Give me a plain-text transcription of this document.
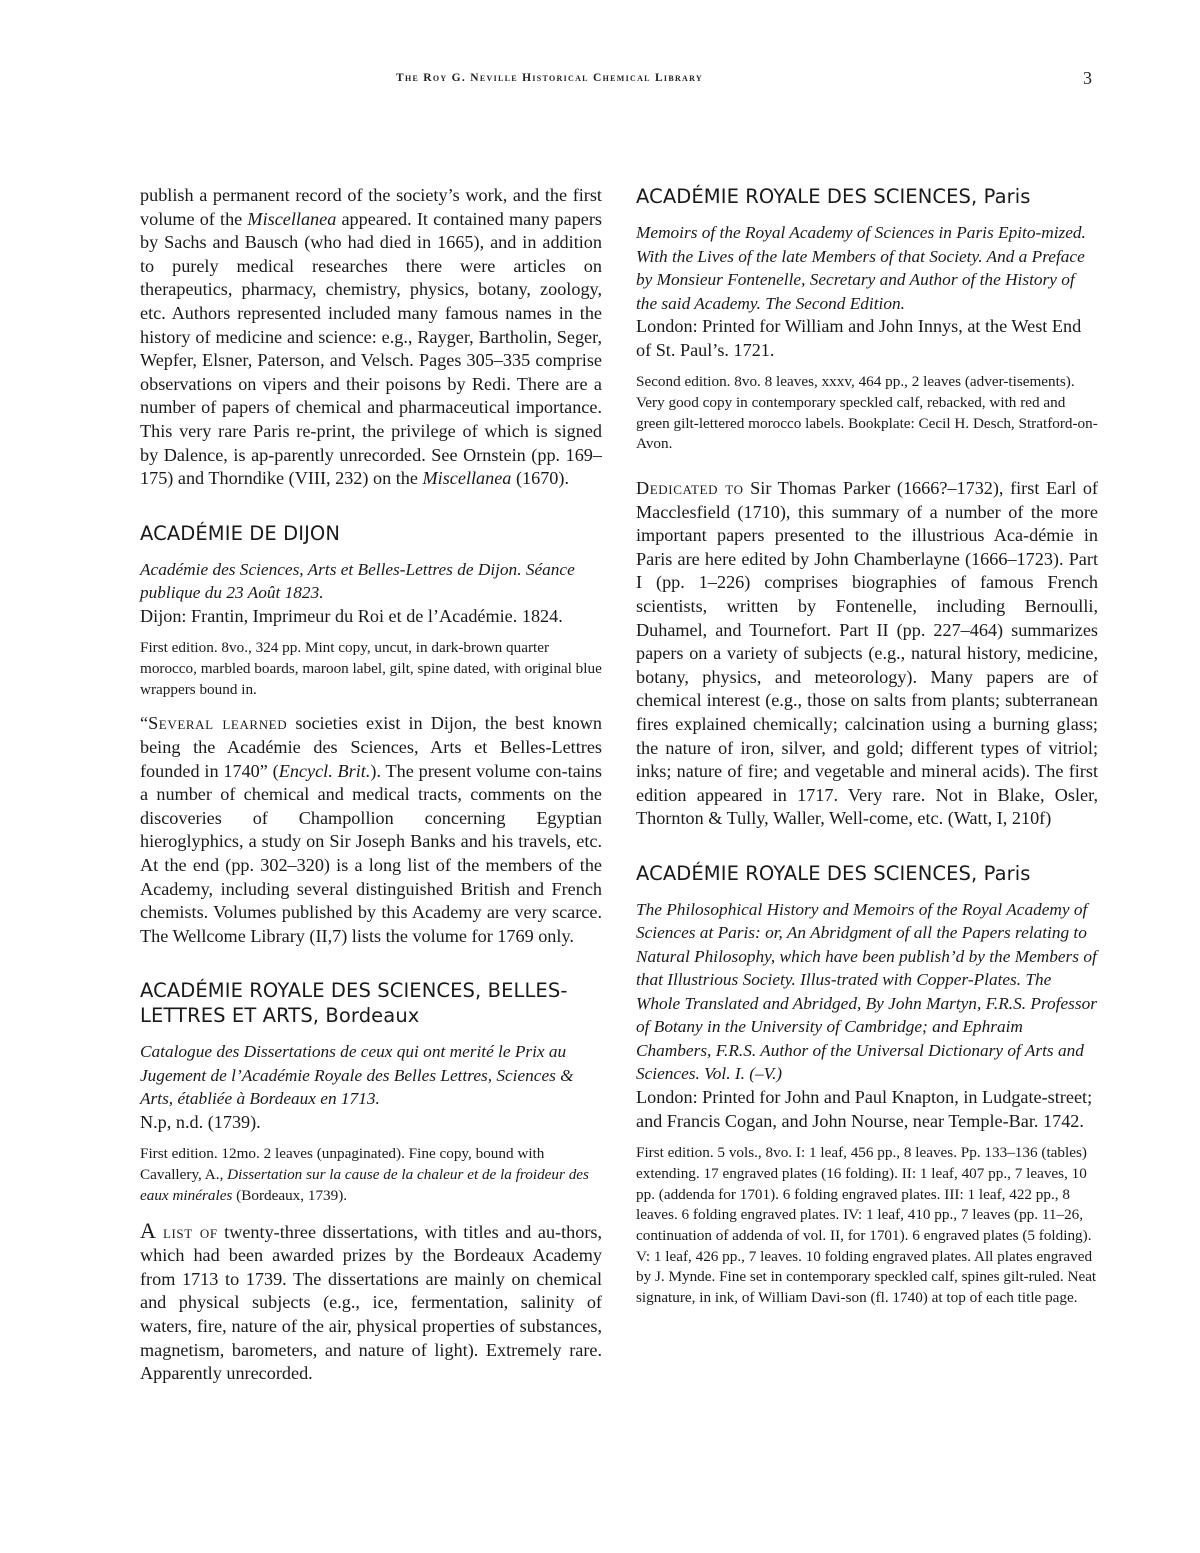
The Roy G. Neville Historical Chemical Library	3

publish a permanent record of the society’s work, and the first volume of the Miscellanea appeared. It contained many papers by Sachs and Bausch (who had died in 1665), and in addition to purely medical researches there were articles on therapeutics, pharmacy, chemistry, physics, botany, zoology, etc. Authors represented included many famous names in the history of medicine and science: e.g., Rayger, Bartholin, Seger, Wepfer, Elsner, Paterson, and Velsch. Pages 305–335 comprise observations on vipers and their poisons by Redi. There are a number of papers of chemical and pharmaceutical importance. This very rare Paris re-print, the privilege of which is signed by Dalence, is ap-parently unrecorded. See Ornstein (pp. 169–175) and Thorndike (VIII, 232) on the Miscellanea (1670).

ACADÉMIE DE DIJON

Académie des Sciences, Arts et Belles-Lettres de Dijon. Séance publique du 23 Août 1823.

Dijon: Frantin, Imprimeur du Roi et de l’Académie. 1824.

First edition. 8vo., 324 pp. Mint copy, uncut, in dark-brown quarter morocco, marbled boards, maroon label, gilt, spine dated, with original blue wrappers bound in.

“Several learned societies exist in Dijon, the best known being the Académie des Sciences, Arts et Belles-Lettres founded in 1740” (Encycl. Brit.). The present volume con-tains a number of chemical and medical tracts, comments on the discoveries of Champollion concerning Egyptian hieroglyphics, a study on Sir Joseph Banks and his travels, etc. At the end (pp. 302–320) is a long list of the members of the Academy, including several distinguished British and French chemists. Volumes published by this Academy are very scarce. The Wellcome Library (II,7) lists the volume for 1769 only.

ACADÉMIE ROYALE DES SCIENCES, BELLES-LETTRES ET ARTS, Bordeaux

Catalogue des Dissertations de ceux qui ont merité le Prix au Jugement de l’Académie Royale des Belles Lettres, Sciences & Arts, établiée à Bordeaux en 1713.

N.p, n.d. (1739).

First edition. 12mo. 2 leaves (unpaginated). Fine copy, bound with Cavallery, A., Dissertation sur la cause de la chaleur et de la froideur des eaux minérales (Bordeaux, 1739).

A list of twenty-three dissertations, with titles and au-thors, which had been awarded prizes by the Bordeaux Academy from 1713 to 1739. The dissertations are mainly on chemical and physical subjects (e.g., ice, fermentation, salinity of waters, fire, nature of the air, physical properties of substances, magnetism, barometers, and nature of light). Extremely rare. Apparently unrecorded.

ACADÉMIE ROYALE DES SCIENCES, Paris

Memoirs of the Royal Academy of Sciences in Paris Epito-mized. With the Lives of the late Members of that Society. And a Preface by Monsieur Fontenelle, Secretary and Author of the History of the said Academy. The Second Edition.

London: Printed for William and John Innys, at the West End of St. Paul’s. 1721.

Second edition. 8vo. 8 leaves, xxxv, 464 pp., 2 leaves (adver-tisements). Very good copy in contemporary speckled calf, rebacked, with red and green gilt-lettered morocco labels. Bookplate: Cecil H. Desch, Stratford-on-Avon.

Dedicated to Sir Thomas Parker (1666?–1732), first Earl of Macclesfield (1710), this summary of a number of the more important papers presented to the illustrious Aca-démie in Paris are here edited by John Chamberlayne (1666–1723). Part I (pp. 1–226) comprises biographies of famous French scientists, written by Fontenelle, including Bernoulli, Duhamel, and Tournefort. Part II (pp. 227–464) summarizes papers on a variety of subjects (e.g., natural history, medicine, botany, physics, and meteorology). Many papers are of chemical interest (e.g., those on salts from plants; subterranean fires explained chemically; calcination using a burning glass; the nature of iron, silver, and gold; different types of vitriol; inks; nature of fire; and vegetable and mineral acids). The first edition appeared in 1717. Very rare. Not in Blake, Osler, Thornton & Tully, Waller, Well-come, etc. (Watt, I, 210f)

ACADÉMIE ROYALE DES SCIENCES, Paris

The Philosophical History and Memoirs of the Royal Academy of Sciences at Paris: or, An Abridgment of all the Papers relating to Natural Philosophy, which have been publish’d by the Members of that Illustrious Society. Illus-trated with Copper-Plates. The Whole Translated and Abridged, By John Martyn, F.R.S. Professor of Botany in the University of Cambridge; and Ephraim Chambers, F.R.S. Author of the Universal Dictionary of Arts and Sciences. Vol. I. (–V.)

London: Printed for John and Paul Knapton, in Ludgate-street; and Francis Cogan, and John Nourse, near Temple-Bar. 1742.

First edition. 5 vols., 8vo. I: 1 leaf, 456 pp., 8 leaves. Pp. 133–136 (tables) extending. 17 engraved plates (16 folding). II: 1 leaf, 407 pp., 7 leaves, 10 pp. (addenda for 1701). 6 folding engraved plates. III: 1 leaf, 422 pp., 8 leaves. 6 folding engraved plates. IV: 1 leaf, 410 pp., 7 leaves (pp. 11–26, continuation of addenda of vol. II, for 1701). 6 engraved plates (5 folding). V: 1 leaf, 426 pp., 7 leaves. 10 folding engraved plates. All plates engraved by J. Mynde. Fine set in contemporary speckled calf, spines gilt-ruled. Neat signature, in ink, of William Davi-son (fl. 1740) at top of each title page.
